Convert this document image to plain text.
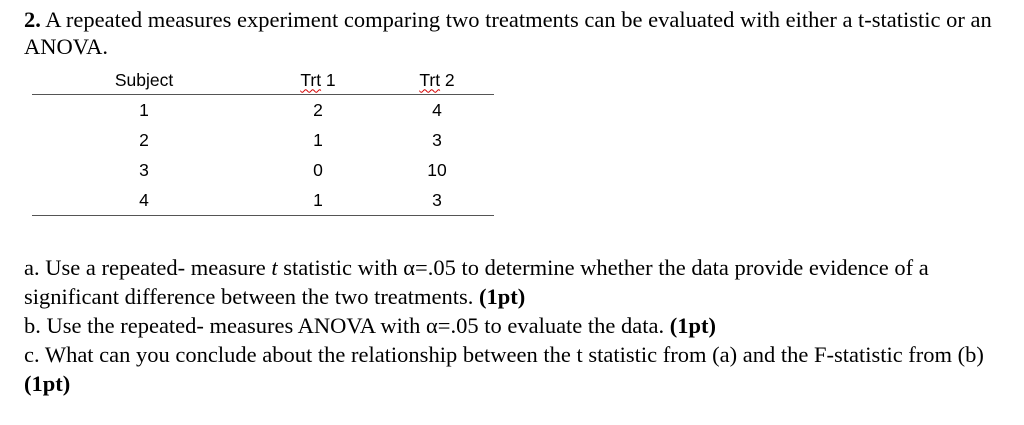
2. A repeated measures experiment comparing two treatments can be evaluated with either a t-statistic or an ANOVA.
Subject	Trt 1	Trt 2
1	2	4
2	1	3
3	0	10
4	1	3

a. Use a repeated- measure t statistic with α=.05 to determine whether the data provide evidence of a significant difference between the two treatments. (1pt)

b. Use the repeated- measures ANOVA with α=.05 to evaluate the data. (1pt)

c. What can you conclude about the relationship between the t statistic from (a) and the F-statistic from (b) (1pt)
